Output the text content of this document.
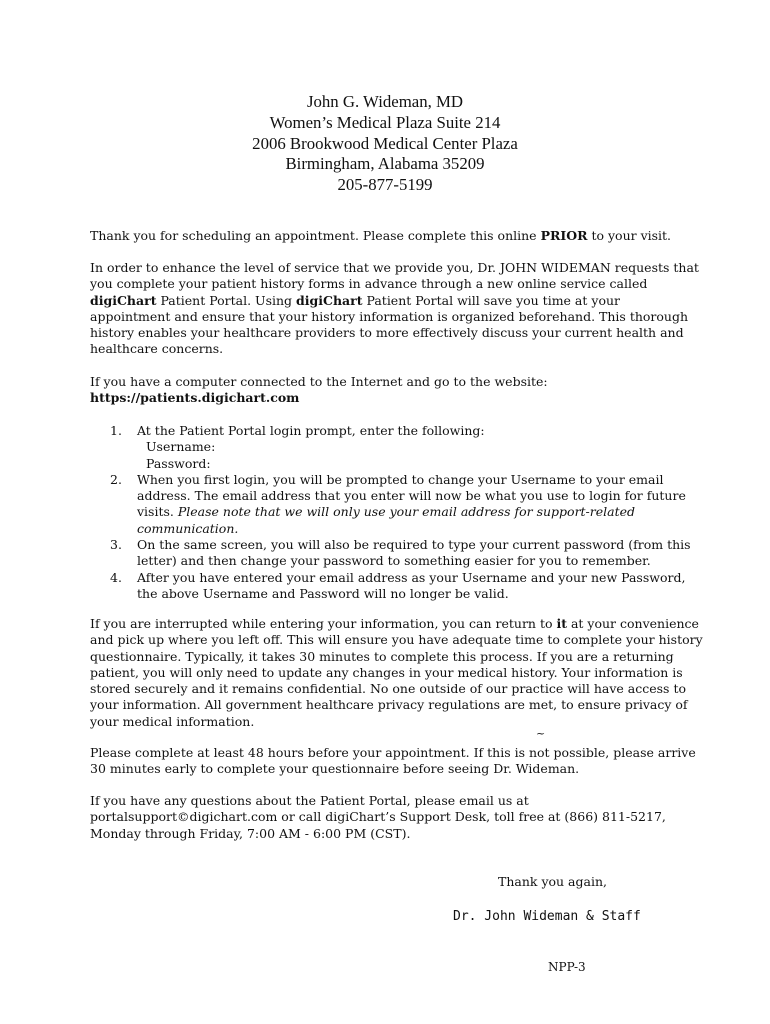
John G. Wideman, MD
Women’s Medical Plaza Suite 214
2006 Brookwood Medical Center Plaza
Birmingham, Alabama 35209
205-877-5199
Thank you for scheduling an appointment. Please complete this online PRIOR to your visit.
In order to enhance the level of service that we provide you, Dr. JOHN WIDEMAN requests that
you complete your patient history forms in advance through a new online service called
digiChart Patient Portal. Using digiChart Patient Portal will save you time at your
appointment and ensure that your history information is organized beforehand. This thorough
history enables your healthcare providers to more effectively discuss your current health and
healthcare concerns.
If you have a computer connected to the Internet and go to the website:
https://patients.digichart.com
1. At the Patient Portal login prompt, enter the following:
Username:
Password:
2. When you first login, you will be prompted to change your Username to your email
address. The email address that you enter will now be what you use to login for future
visits. Please note that we will only use your email address for support-related
communication.
3. On the same screen, you will also be required to type your current password (from this
letter) and then change your password to something easier for you to remember.
4. After you have entered your email address as your Username and your new Password,
the above Username and Password will no longer be valid.
If you are interrupted while entering your information, you can return to it at your convenience
and pick up where you left off. This will ensure you have adequate time to complete your history
questionnaire. Typically, it takes 30 minutes to complete this process. If you are a returning
patient, you will only need to update any changes in your medical history. Your information is
stored securely and it remains confidential. No one outside of our practice will have access to
your information. All government healthcare privacy regulations are met, to ensure privacy of
your medical information.
~
Please complete at least 48 hours before your appointment. If this is not possible, please arrive
30 minutes early to complete your questionnaire before seeing Dr. Wideman.
If you have any questions about the Patient Portal, please email us at
portalsupport©digichart.com or call digiChart’s Support Desk, toll free at (866) 811-5217,
Monday through Friday, 7:00 AM - 6:00 PM (CST).
Thank you again,
Dr. John Wideman & Staff
NPP-3
